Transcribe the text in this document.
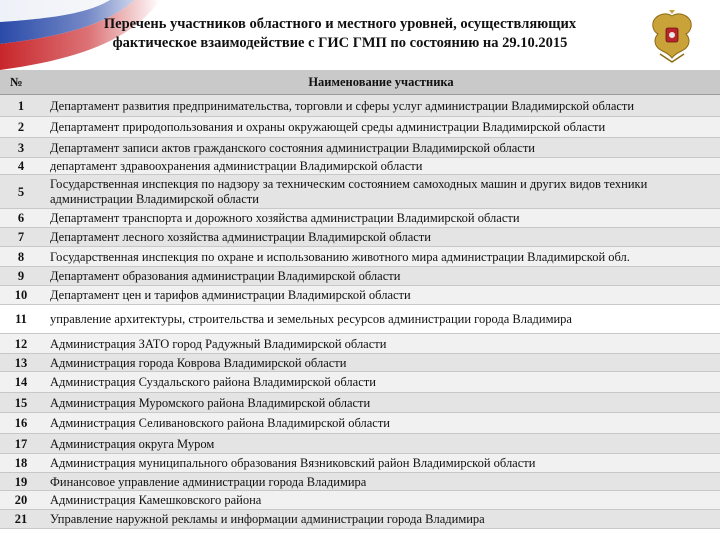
Перечень участников областного и местного уровней, осуществляющих
фактическое взаимодействие с ГИС ГМП по состоянию на 29.10.2015
№	Наименование участника
1	Департамент развития предпринимательства, торговли и сферы услуг администрации Владимирской области
2	Департамент природопользования и охраны окружающей среды администрации Владимирской области
3	Департамент записи актов гражданского состояния администрации Владимирской области
4	департамент здравоохранения администрации Владимирской области
5	Государственная инспекция по надзору за техническим состоянием самоходных машин и других видов техники
администрации Владимирской области

6	Департамент транспорта и дорожного хозяйства администрации Владимирской области
7	Департамент лесного хозяйства администрации Владимирской области
8	Государственная инспекция по охране и использованию животного мира администрации Владимирской обл.
9	Департамент образования администрации Владимирской области
10	Департамент цен и тарифов администрации Владимирской области
11	управление архитектуры, строительства и земельных ресурсов администрации города Владимира
12	Администрация ЗАТО город Радужный Владимирской области
13	Администрация города Коврова Владимирской области
14	Администрация Суздальского района Владимирской области
15	Администрация Муромского района Владимирской области
16	Администрация Селивановского района Владимирской области
17	Администрация округа Муром
18	Администрация муниципального образования Вязниковский район Владимирской области
19	Финансовое управление администрации города Владимира
20	Администрация Камешковского района
21	Управление наружной рекламы и информации администрации города Владимира
